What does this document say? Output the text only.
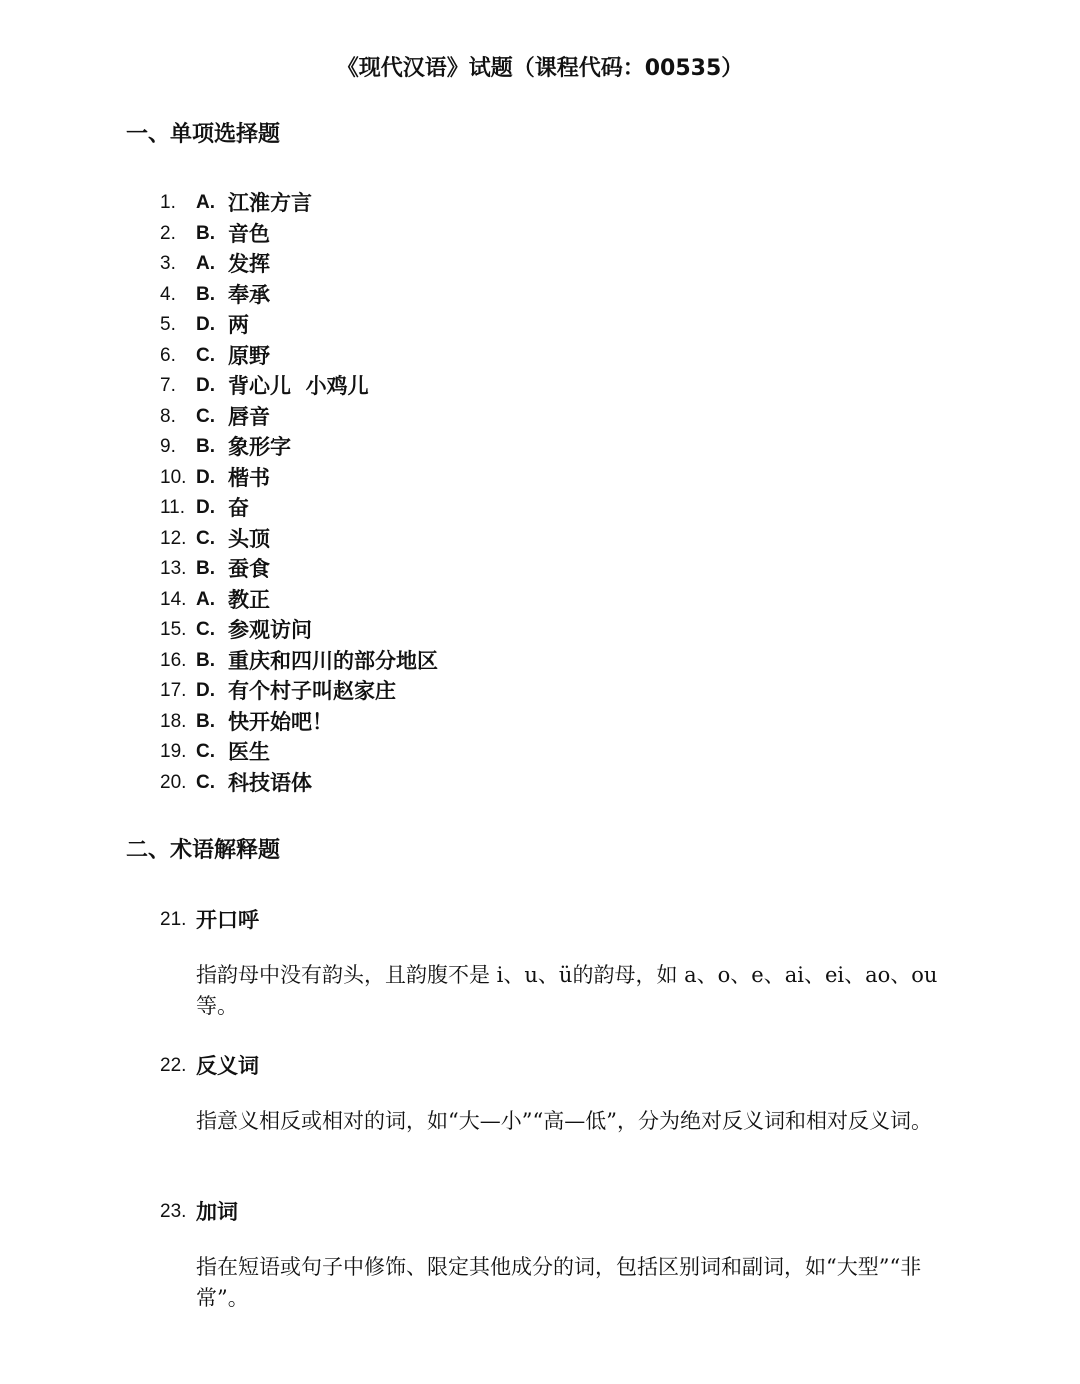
《现代汉语》试题（课程代码：00535）
一、单项选择题
1.	A. 江淮方言
2.	B. 音色
3.	A. 发挥
4.	B. 奉承
5.	D. 两
6.	C. 原野
7.	D. 背心儿  小鸡儿
8.	C. 唇音
9.	B. 象形字
10. D. 楷书
11. D. 奋
12. C. 头顶
13. B. 蚕食
14. A. 教正
15. C. 参观访问
16. B. 重庆和四川的部分地区
17. D. 有个村子叫赵家庄
18. B. 快开始吧！
19. C. 医生
20. C. 科技语体
二、术语解释题
21. 开口呼
指韵母中没有韵头，且韵腹不是 i、u、ü的韵母，如 a、o、e、ai、ei、ao、ou 等。
22. 反义词
指意义相反或相对的词，如“大—小”“高—低”，分为绝对反义词和相对反义词。
23. 加词
指在短语或句子中修饰、限定其他成分的词，包括区别词和副词，如“大型”“非常”。
